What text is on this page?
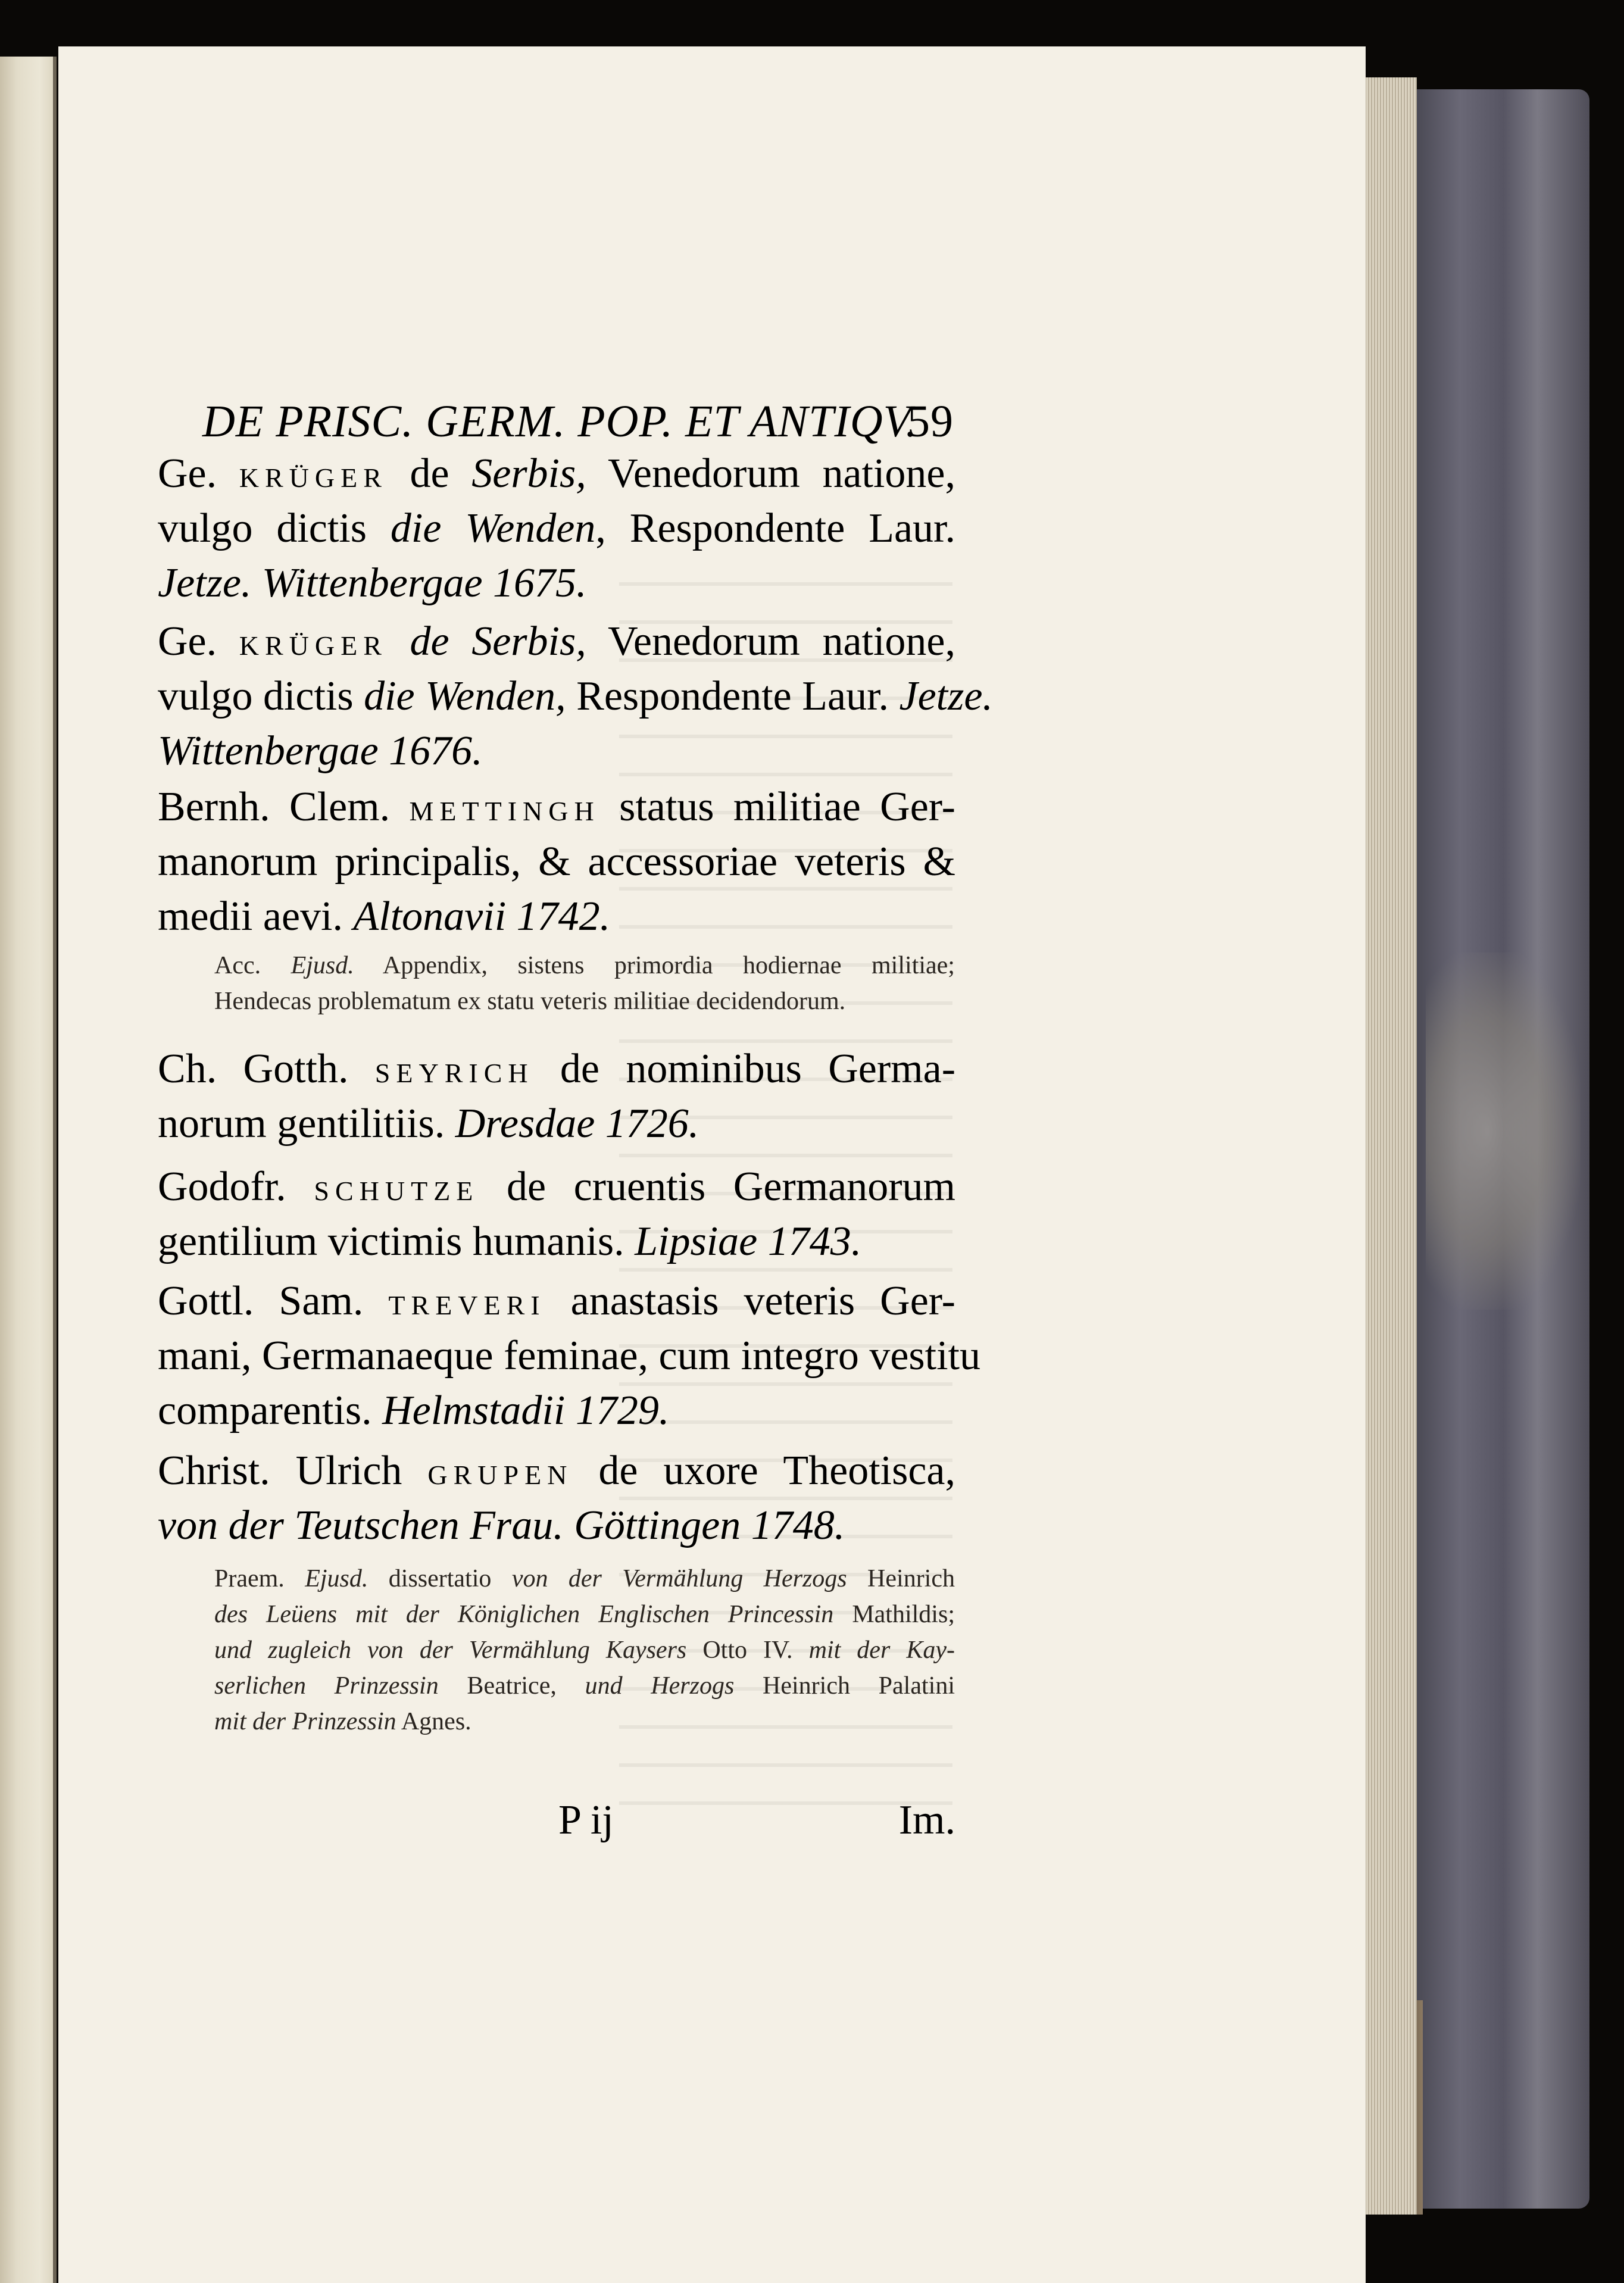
DE PRISC. GERM. POP. ET ANTIQV.
59
Ge. KRÜGER de Serbis, Venedorum natione,
vulgo dictis die Wenden, Respondente Laur.
Jetze. Wittenbergae 1675.
Ge. KRÜGER de Serbis, Venedorum natione,
vulgo dictis die Wenden, Respondente Laur. Jetze.
Wittenbergae 1676.
Bernh. Clem. METTINGH status militiae Ger-
manorum principalis, & accessoriae veteris &
medii aevi. Altonavii 1742.
Acc. Ejusd. Appendix, sistens primordia hodiernae militiae;
Hendecas problematum ex statu veteris militiae decidendorum.
Ch. Gotth. SEYRICH de nominibus Germa-
norum gentilitiis. Dresdae 1726.
Godofr. SCHUTZE de cruentis Germanorum
gentilium victimis humanis. Lipsiae 1743.
Gottl. Sam. TREVERI anastasis veteris Ger-
mani, Germanaeque feminae, cum integro vestitu
comparentis. Helmstadii 1729.
Christ. Ulrich GRUPEN de uxore Theotisca,
von der Teutschen Frau. Göttingen 1748.
Praem. Ejusd. dissertatio von der Vermählung Herzogs Heinrich
des Leüens mit der Königlichen Englischen Princessin Mathildis;
und zugleich von der Vermählung Kaysers Otto IV. mit der Kay-
serlichen Prinzessin Beatrice, und Herzogs Heinrich Palatini
mit der Prinzessin Agnes.
P ij	Im.
